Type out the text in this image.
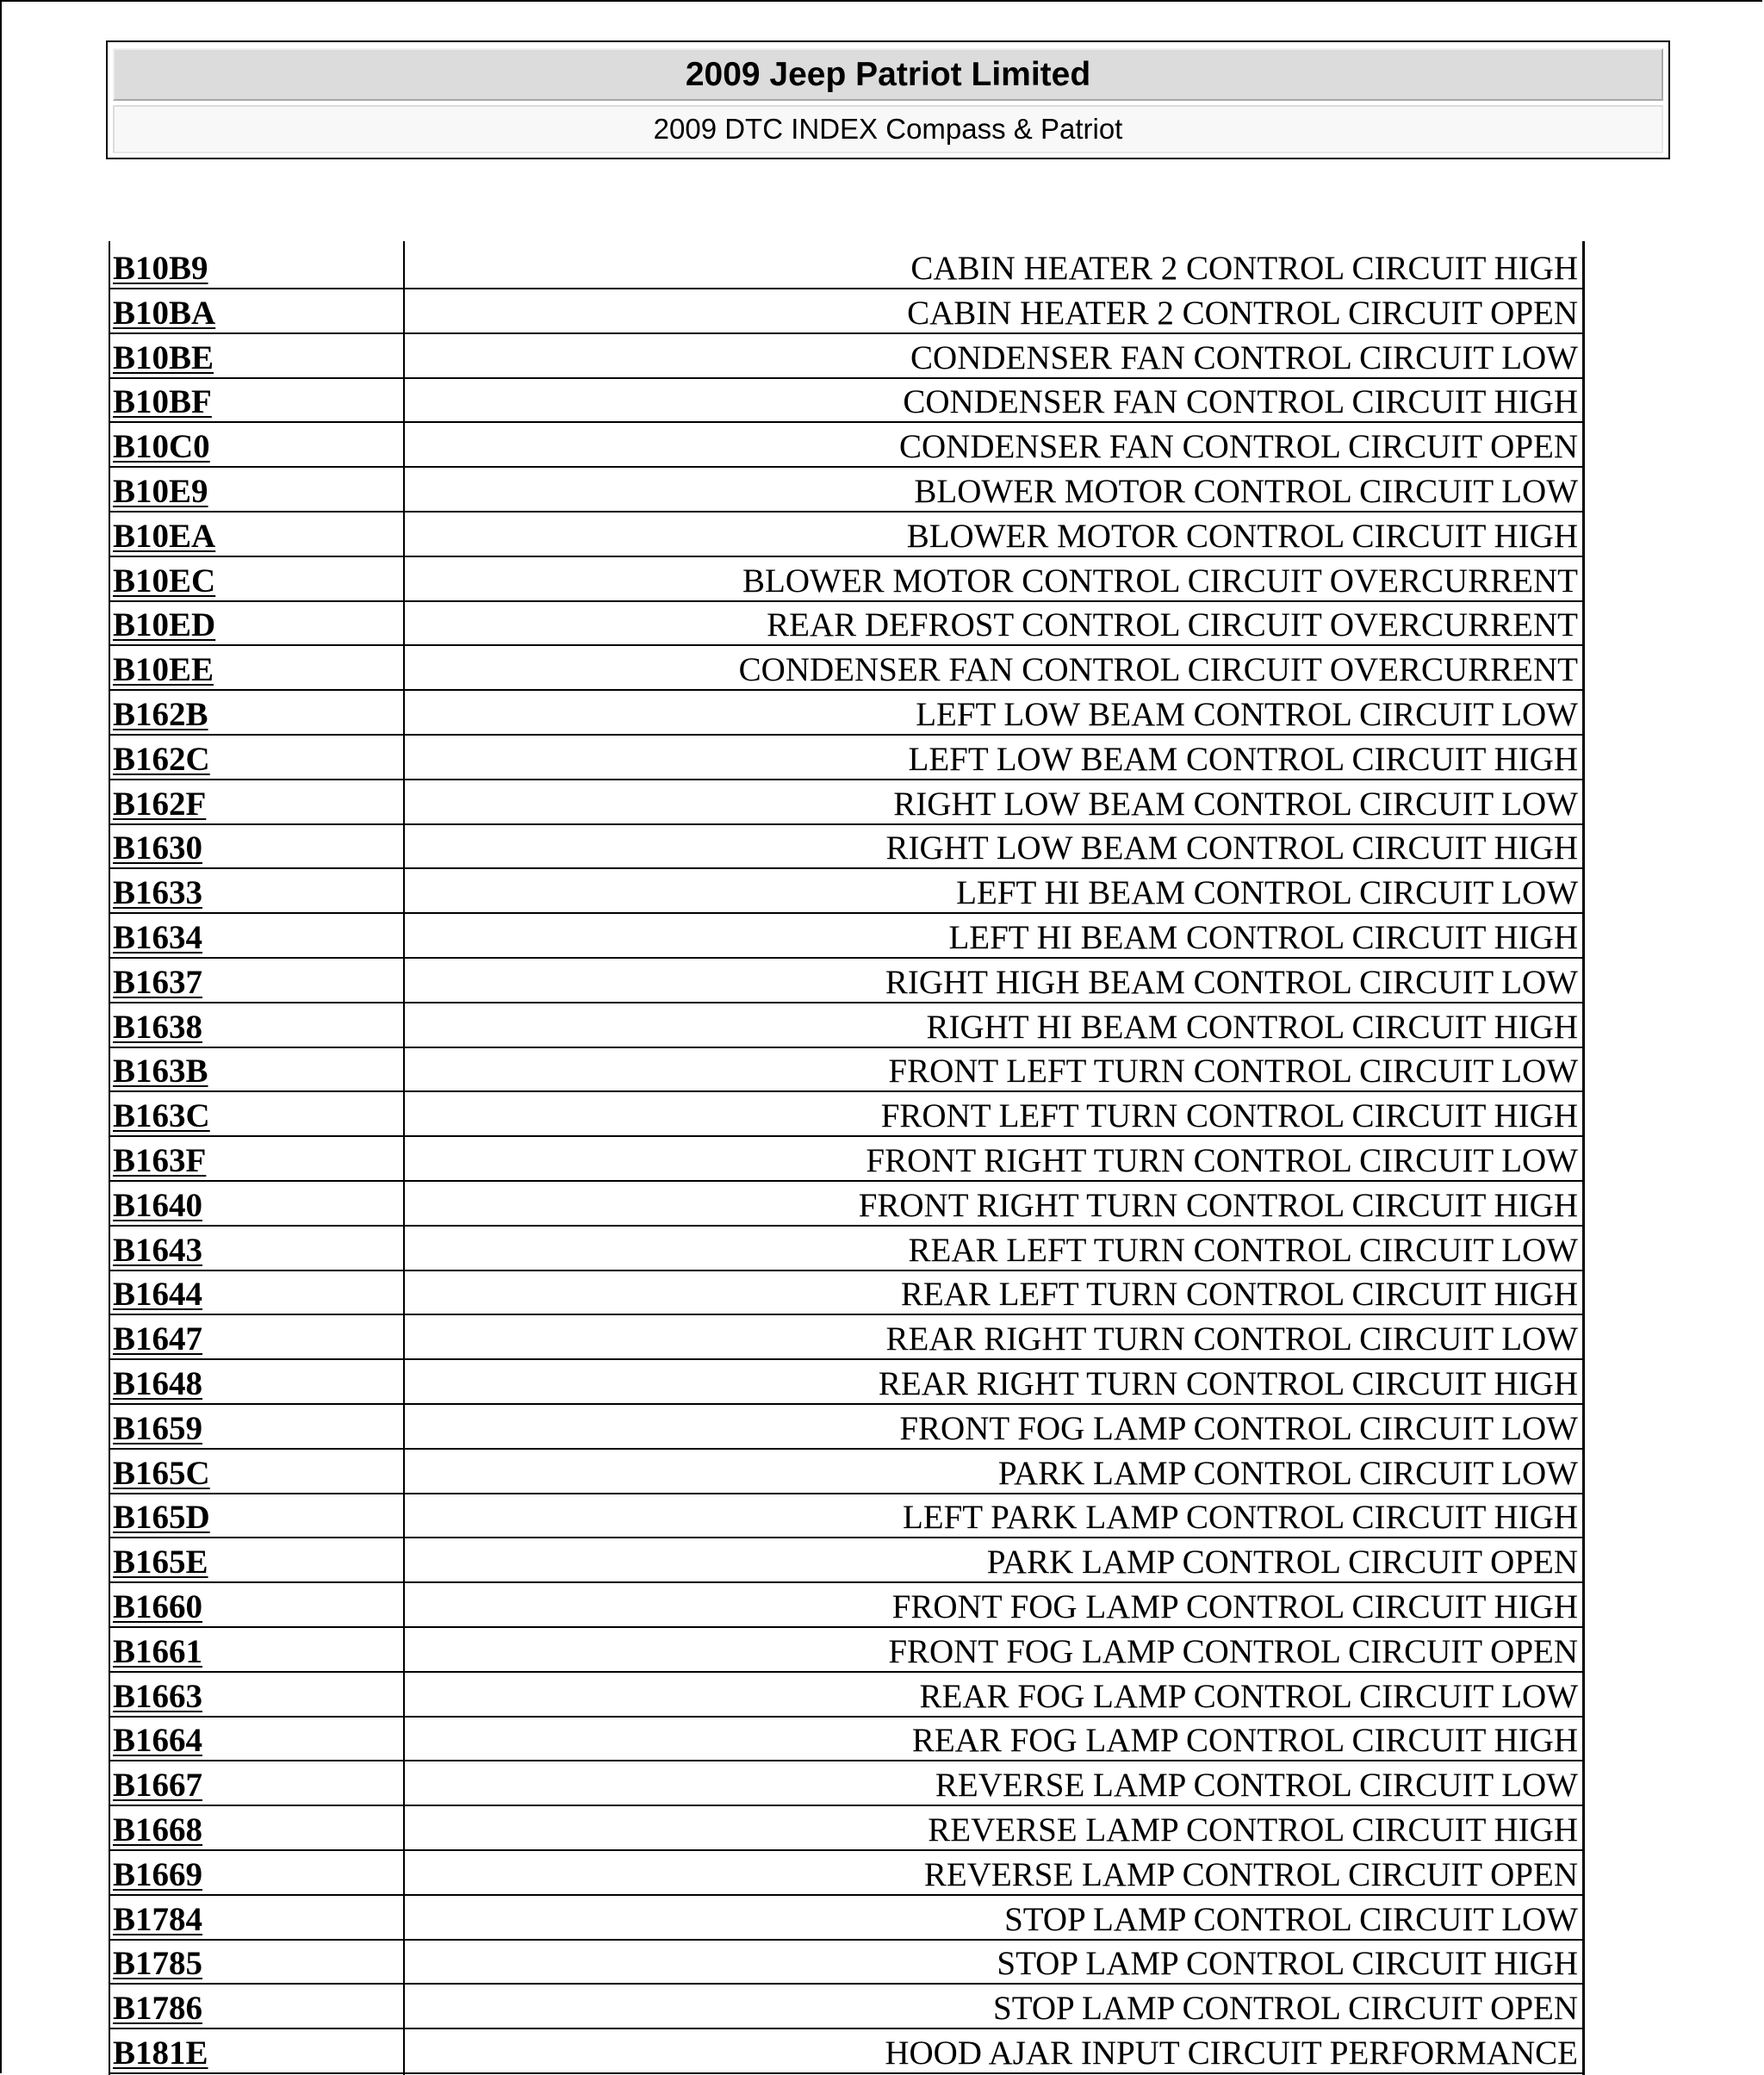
2009 Jeep Patriot Limited
2009 DTC INDEX Compass & Patriot
B10B9	CABIN HEATER 2 CONTROL CIRCUIT HIGH
B10BA	CABIN HEATER 2 CONTROL CIRCUIT OPEN
B10BE	CONDENSER FAN CONTROL CIRCUIT LOW
B10BF	CONDENSER FAN CONTROL CIRCUIT HIGH
B10C0	CONDENSER FAN CONTROL CIRCUIT OPEN
B10E9	BLOWER MOTOR CONTROL CIRCUIT LOW
B10EA	BLOWER MOTOR CONTROL CIRCUIT HIGH
B10EC	BLOWER MOTOR CONTROL CIRCUIT OVERCURRENT
B10ED	REAR DEFROST CONTROL CIRCUIT OVERCURRENT
B10EE	CONDENSER FAN CONTROL CIRCUIT OVERCURRENT
B162B	LEFT LOW BEAM CONTROL CIRCUIT LOW
B162C	LEFT LOW BEAM CONTROL CIRCUIT HIGH
B162F	RIGHT LOW BEAM CONTROL CIRCUIT LOW
B1630	RIGHT LOW BEAM CONTROL CIRCUIT HIGH
B1633	LEFT HI BEAM CONTROL CIRCUIT LOW
B1634	LEFT HI BEAM CONTROL CIRCUIT HIGH
B1637	RIGHT HIGH BEAM CONTROL CIRCUIT LOW
B1638	RIGHT HI BEAM CONTROL CIRCUIT HIGH
B163B	FRONT LEFT TURN CONTROL CIRCUIT LOW
B163C	FRONT LEFT TURN CONTROL CIRCUIT HIGH
B163F	FRONT RIGHT TURN CONTROL CIRCUIT LOW
B1640	FRONT RIGHT TURN CONTROL CIRCUIT HIGH
B1643	REAR LEFT TURN CONTROL CIRCUIT LOW
B1644	REAR LEFT TURN CONTROL CIRCUIT HIGH
B1647	REAR RIGHT TURN CONTROL CIRCUIT LOW
B1648	REAR RIGHT TURN CONTROL CIRCUIT HIGH
B1659	FRONT FOG LAMP CONTROL CIRCUIT LOW
B165C	PARK LAMP CONTROL CIRCUIT LOW
B165D	LEFT PARK LAMP CONTROL CIRCUIT HIGH
B165E	PARK LAMP CONTROL CIRCUIT OPEN
B1660	FRONT FOG LAMP CONTROL CIRCUIT HIGH
B1661	FRONT FOG LAMP CONTROL CIRCUIT OPEN
B1663	REAR FOG LAMP CONTROL CIRCUIT LOW
B1664	REAR FOG LAMP CONTROL CIRCUIT HIGH
B1667	REVERSE LAMP CONTROL CIRCUIT LOW
B1668	REVERSE LAMP CONTROL CIRCUIT HIGH
B1669	REVERSE LAMP CONTROL CIRCUIT OPEN
B1784	STOP LAMP CONTROL CIRCUIT LOW
B1785	STOP LAMP CONTROL CIRCUIT HIGH
B1786	STOP LAMP CONTROL CIRCUIT OPEN
B181E	HOOD AJAR INPUT CIRCUIT PERFORMANCE
